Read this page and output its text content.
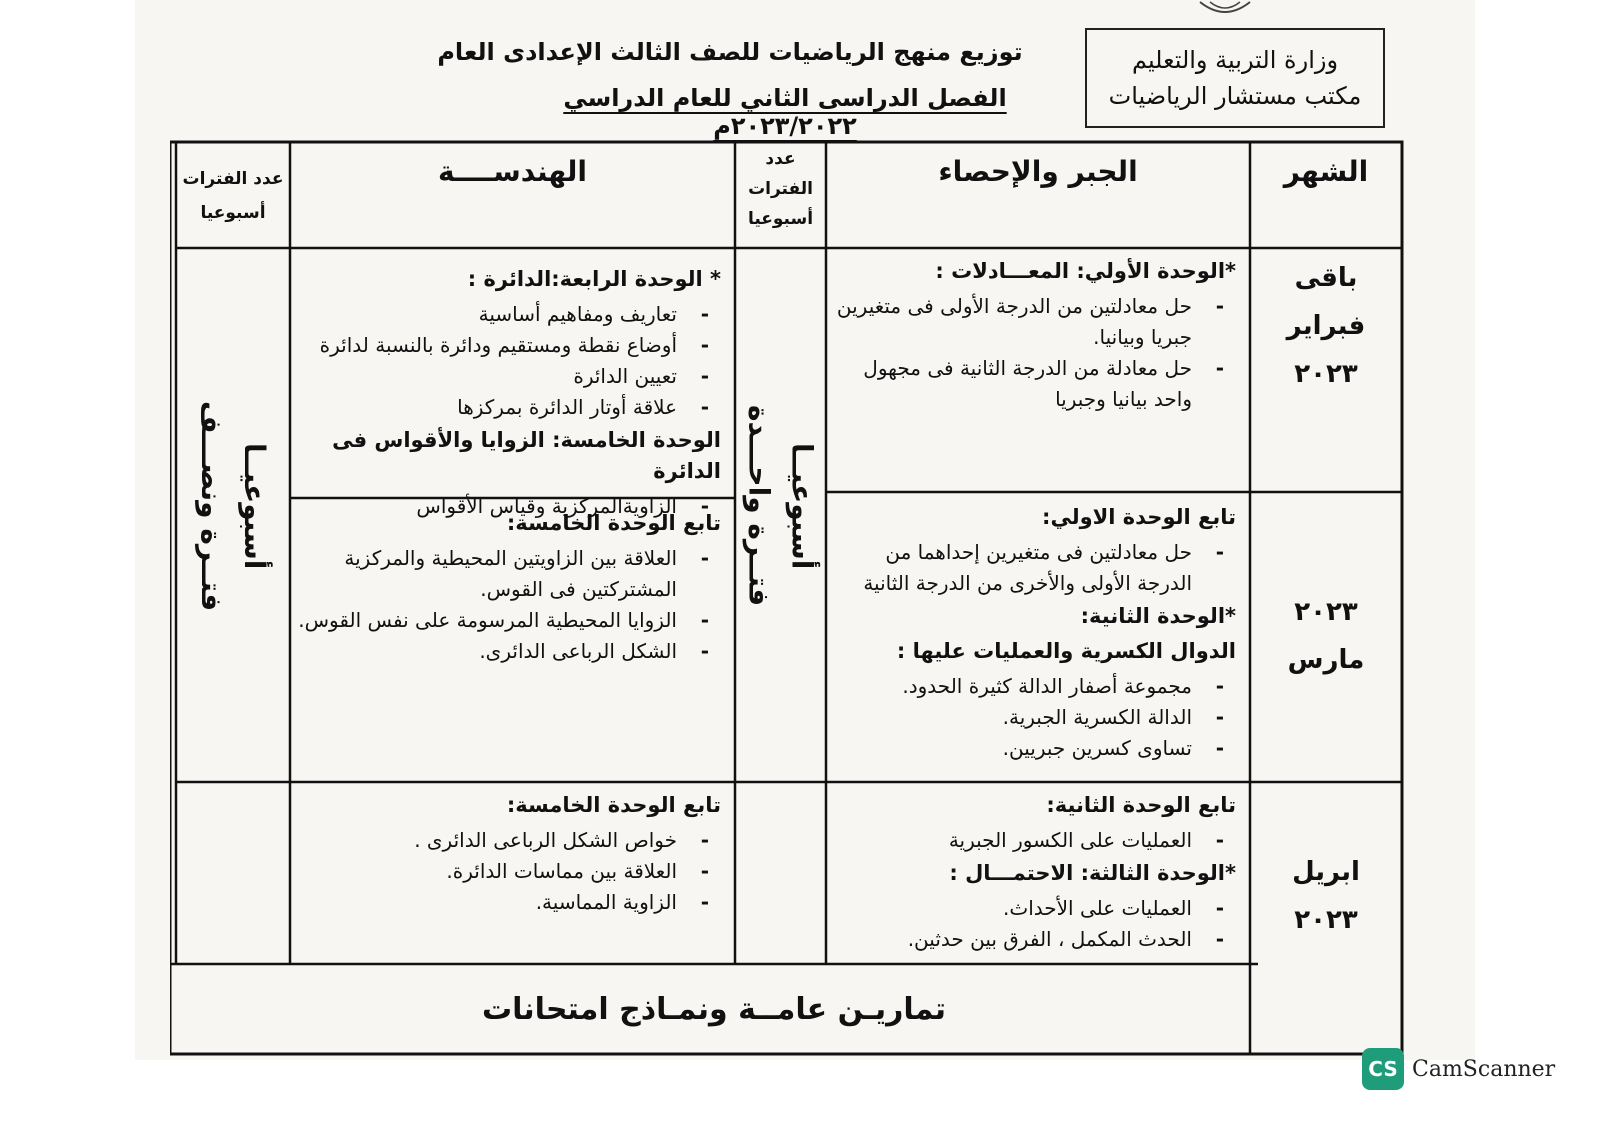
وزارة التربية والتعليم
مكتب مستشار الرياضيات
توزيع منهج الرياضيات للصف الثالث الإعدادى العام
الفصل الدراسى الثاني للعام الدراسي ٢٠٢٣/٢٠٢٢م
الشهر
الجبر والإحصاء
عدد
الفترات
أسبوعيا
الهندســــة
عدد الفترات
أسبوعيا
باقى
فبراير
٢٠٢٣
٢٠٢٣
مارس
ابريل
٢٠٢٣
*الوحدة الأولي: المعـــادلات :
- حل معادلتين من الدرجة الأولى فى متغيرين جبريا وبيانيا.
- حل معادلة من الدرجة الثانية فى مجهول واحد بيانيا وجبريا
تابع الوحدة الاولي:
- حل معادلتين فى متغيرين إحداهما من الدرجة الأولى والأخرى من الدرجة الثانية
*الوحدة الثانية:
الدوال الكسرية والعمليات عليها :
- مجموعة أصفار الدالة كثيرة الحدود.
- الدالة الكسرية الجبرية.
- تساوى كسرين جبريين.
تابع الوحدة الثانية:
- العمليات على الكسور الجبرية
*الوحدة الثالثة: الاحتمـــال :
- العمليات على الأحداث.
- الحدث المكمل ، الفرق بين حدثين.
* الوحدة الرابعة:الدائرة :
- تعاريف ومفاهيم أساسية
- أوضاع نقطة ومستقيم ودائرة بالنسبة لدائرة
- تعيين الدائرة
- علاقة أوتار الدائرة بمركزها
الوحدة الخامسة: الزوايا والأقواس فى الدائرة
- الزاويةالمركزية وقياس الأقواس
تابع الوحدة الخامسة:
- العلاقة بين الزاويتين المحيطية والمركزية المشتركتين فى القوس.
- الزوايا المحيطية المرسومة على نفس القوس.
- الشكل الرباعى الدائرى.
تابع الوحدة الخامسة:
- خواص الشكل الرباعى الدائرى .
- العلاقة بين مماسات الدائرة.
- الزاوية المماسية.
فتــرة واحـــدة أسبوعيــا
فتــرة ونصـــف أسبوعيــا
تماريـن عامــة ونمـاذج امتحانات
CS CamScanner
